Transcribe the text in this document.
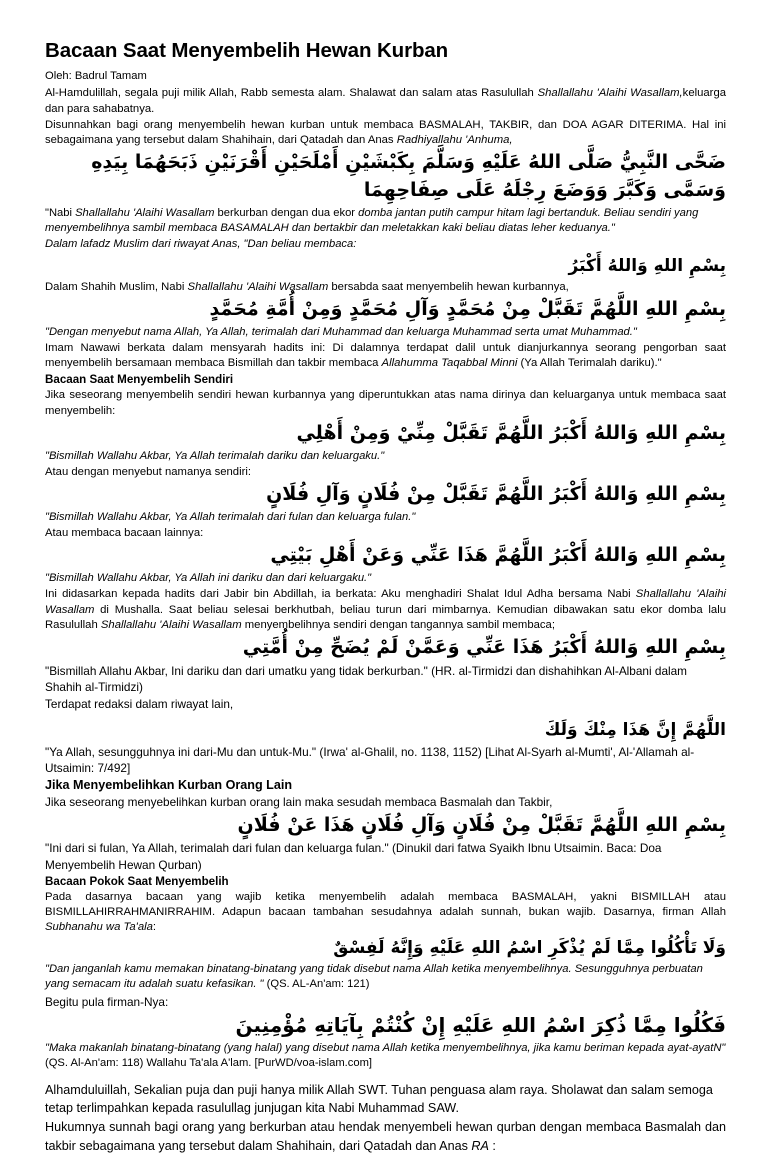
Bacaan Saat Menyembelih Hewan Kurban

Oleh: Badrul Tamam

Al-Hamdulillah, segala puji milik Allah, Rabb semesta alam. Shalawat dan salam atas Rasulullah Shallallahu 'Alaihi Wasallam,keluarga dan para sahabatnya.

Disunnahkan bagi orang menyembelih hewan kurban untuk membaca BASMALAH, TAKBIR, dan DOA AGAR DITERIMA. Hal ini sebagaimana yang tersebut dalam Shahihain, dari Qatadah dan Anas Radhiyallahu 'Anhuma,

ضَحَّى النَّبِيُّ صَلَّى اللهُ عَلَيْهِ وَسَلَّمَ بِكَبْشَيْنِ أَمْلَحَيْنِ أَقْرَنَيْنِ ذَبَحَهُمَا بِيَدِهِ وَسَمَّى وَكَبَّرَ وَوَضَعَ رِجْلَهُ عَلَى صِفَاحِهِمَا

"Nabi Shallallahu 'Alaihi Wasallam berkurban dengan dua ekor domba jantan putih campur hitam lagi bertanduk. Beliau sendiri yang menyembelihnya sambil membaca BASAMALAH dan bertakbir dan meletakkan kaki beliau diatas leher keduanya."

Dalam lafadz Muslim dari riwayat Anas, "Dan beliau membaca:

بِسْمِ اللهِ وَاللهُ أَكْبَرُ

Dalam Shahih Muslim, Nabi Shallallahu 'Alaihi Wasallam bersabda saat menyembelih hewan kurbannya,

بِسْمِ اللهِ اللَّهُمَّ تَقَبَّلْ مِنْ مُحَمَّدٍ وَآلِ مُحَمَّدٍ وَمِنْ أُمَّةِ مُحَمَّدٍ

"Dengan menyebut nama Allah, Ya Allah, terimalah dari Muhammad dan keluarga Muhammad serta umat Muhammad."

Imam Nawawi berkata dalam mensyarah hadits ini: Di dalamnya terdapat dalil untuk dianjurkannya seorang pengorban saat menyembelih bersamaan membaca Bismillah dan takbir membaca Allahumma Taqabbal Minni (Ya Allah Terimalah dariku)."

Bacaan Saat Menyembelih Sendiri

Jika seseorang menyembelih sendiri hewan kurbannya yang diperuntukkan atas nama dirinya dan keluarganya untuk membaca saat menyembelih:

بِسْمِ اللهِ وَاللهُ أَكْبَرُ اللَّهُمَّ تَقَبَّلْ مِنِّيْ وَمِنْ أَهْلِي

"Bismillah Wallahu Akbar, Ya Allah terimalah dariku dan keluargaku."

Atau dengan menyebut namanya sendiri:

بِسْمِ اللهِ وَاللهُ أَكْبَرُ اللَّهُمَّ تَقَبَّلْ مِنْ فُلَانٍ وَآلِ فُلَانٍ

"Bismillah Wallahu Akbar, Ya Allah terimalah dari fulan dan keluarga fulan."

Atau membaca bacaan lainnya:

بِسْمِ اللهِ وَاللهُ أَكْبَرُ اللَّهُمَّ هَذَا عَنِّي وَعَنْ أَهْلِ بَيْتِي

"Bismillah Wallahu Akbar, Ya Allah ini dariku dan dari keluargaku."

Ini didasarkan kepada hadits dari Jabir bin Abdillah, ia berkata: Aku menghadiri Shalat Idul Adha bersama Nabi Shallallahu 'Alaihi Wasallam di Mushalla. Saat beliau selesai berkhutbah, beliau turun dari mimbarnya. Kemudian dibawakan satu ekor domba lalu Rasulullah Shallallahu 'Alaihi Wasallam menyembelihnya sendiri dengan tangannya sambil membaca;

بِسْمِ اللهِ وَاللهُ أَكْبَرُ هَذَا عَنِّي وَعَمَّنْ لَمْ يُضَحِّ مِنْ أُمَّتِي

"Bismillah Allahu Akbar, Ini dariku dan dari umatku yang tidak berkurban." (HR. al-Tirmidzi dan dishahihkan Al-Albani dalam Shahih al-Tirmidzi)

Terdapat redaksi dalam riwayat lain,

اللَّهُمَّ إِنَّ هَذَا مِنْكَ وَلَكَ

"Ya Allah, sesungguhnya ini dari-Mu dan untuk-Mu." (Irwa' al-Ghalil, no. 1138, 1152) [Lihat Al-Syarh al-Mumti', Al-'Allamah al-Utsaimin: 7/492]

Jika Menyembelihkan Kurban Orang Lain

Jika seseorang menyebelihkan kurban orang lain maka sesudah membaca Basmalah dan Takbir,

بِسْمِ اللهِ اللَّهُمَّ تَقَبَّلْ مِنْ فُلَانٍ وَآلِ فُلَانٍ هَذَا عَنْ فُلَانٍ

"Ini dari si fulan, Ya Allah, terimalah dari fulan dan keluarga fulan." (Dinukil dari fatwa Syaikh Ibnu Utsaimin. Baca: Doa Menyembelih Hewan Qurban)

Bacaan Pokok Saat Menyembelih

Pada dasarnya bacaan yang wajib ketika menyembelih adalah membaca BASMALAH, yakni BISMILLAH atau BISMILLAHIRRAHMANIRRAHIM. Adapun bacaan tambahan sesudahnya adalah sunnah, bukan wajib. Dasarnya, firman Allah Subhanahu wa Ta'ala:

وَلَا تَأْكُلُوا مِمَّا لَمْ يُذْكَرِ اسْمُ اللهِ عَلَيْهِ وَإِنَّهُ لَفِسْقٌ

"Dan janganlah kamu memakan binatang-binatang yang tidak disebut nama Allah ketika menyembelihnya. Sesungguhnya perbuatan yang semacam itu adalah suatu kefasikan. " (QS. AL-An'am: 121)

Begitu pula firman-Nya:

فَكُلُوا مِمَّا ذُكِرَ اسْمُ اللهِ عَلَيْهِ إِنْ كُنْتُمْ بِآيَاتِهِ مُؤْمِنِينَ

"Maka makanlah binatang-binatang (yang halal) yang disebut nama Allah ketika menyembelihnya, jika kamu beriman kepada ayat-ayatN" (QS. Al-An'am: 118) Wallahu Ta'ala A'lam. [PurWD/voa-islam.com]

Alhamduluillah, Sekalian puja dan puji hanya milik Allah SWT. Tuhan penguasa alam raya. Sholawat dan salam semoga tetap terlimpahkan kepada rasulullag junjugan kita Nabi Muhammad SAW.

Hukumnya sunnah bagi orang yang berkurban atau hendak menyembeli hewan qurban dengan membaca Basmalah dan takbir sebagaimana yang tersebut dalam Shahihain, dari Qatadah dan Anas RA :
